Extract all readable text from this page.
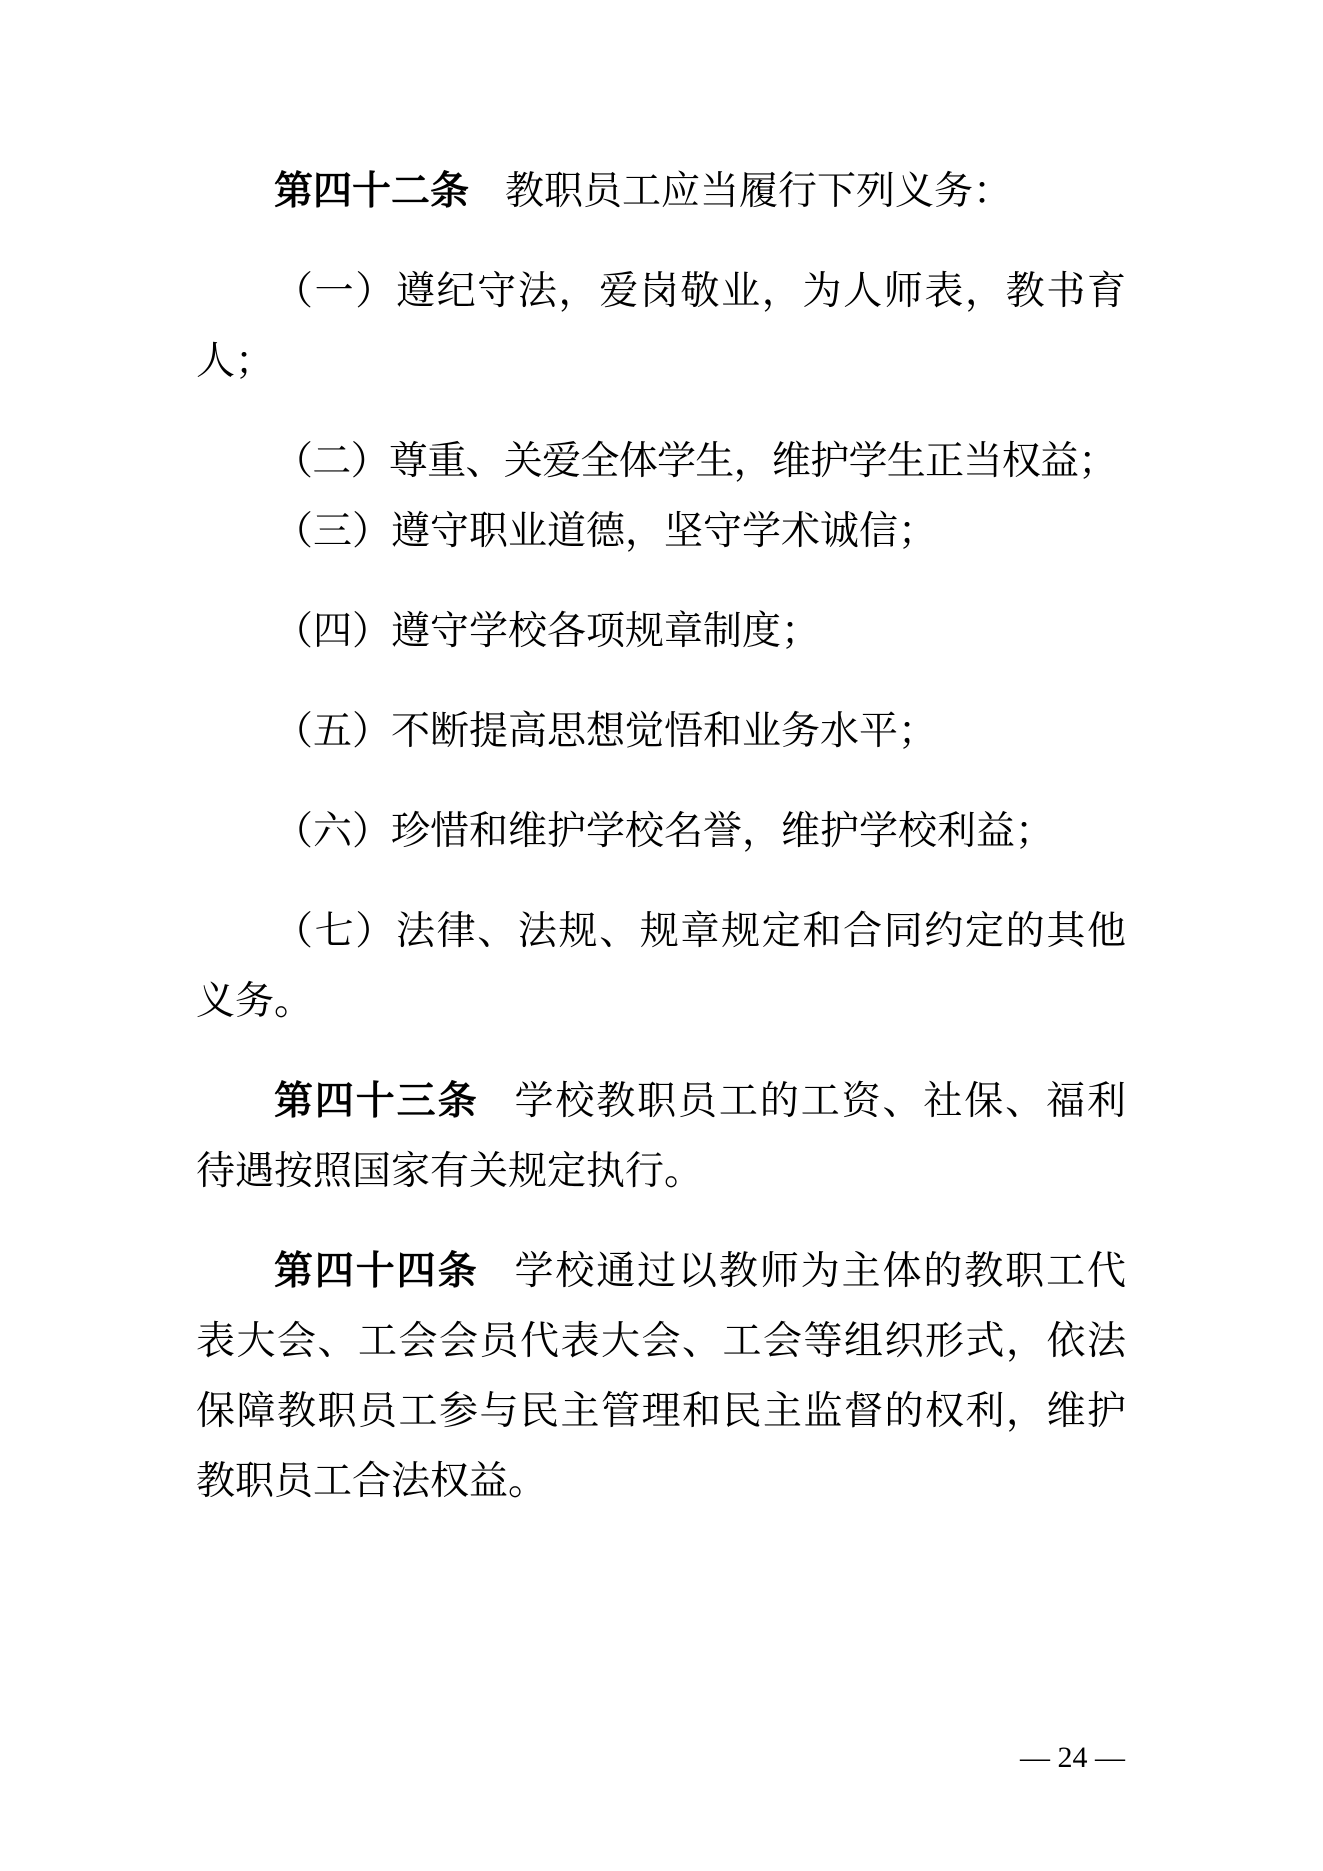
第四十二条 教职员工应当履行下列义务：

（一）遵纪守法，爱岗敬业，为人师表，教书育人；

（二）尊重、关爱全体学生，维护学生正当权益；

（三）遵守职业道德，坚守学术诚信；

（四）遵守学校各项规章制度；

（五）不断提高思想觉悟和业务水平；

（六）珍惜和维护学校名誉，维护学校利益；

（七）法律、法规、规章规定和合同约定的其他义务。

第四十三条 学校教职员工的工资、社保、福利待遇按照国家有关规定执行。

第四十四条 学校通过以教师为主体的教职工代表大会、工会会员代表大会、工会等组织形式，依法保障教职员工参与民主管理和民主监督的权利，维护教职员工合法权益。

— 24 —
